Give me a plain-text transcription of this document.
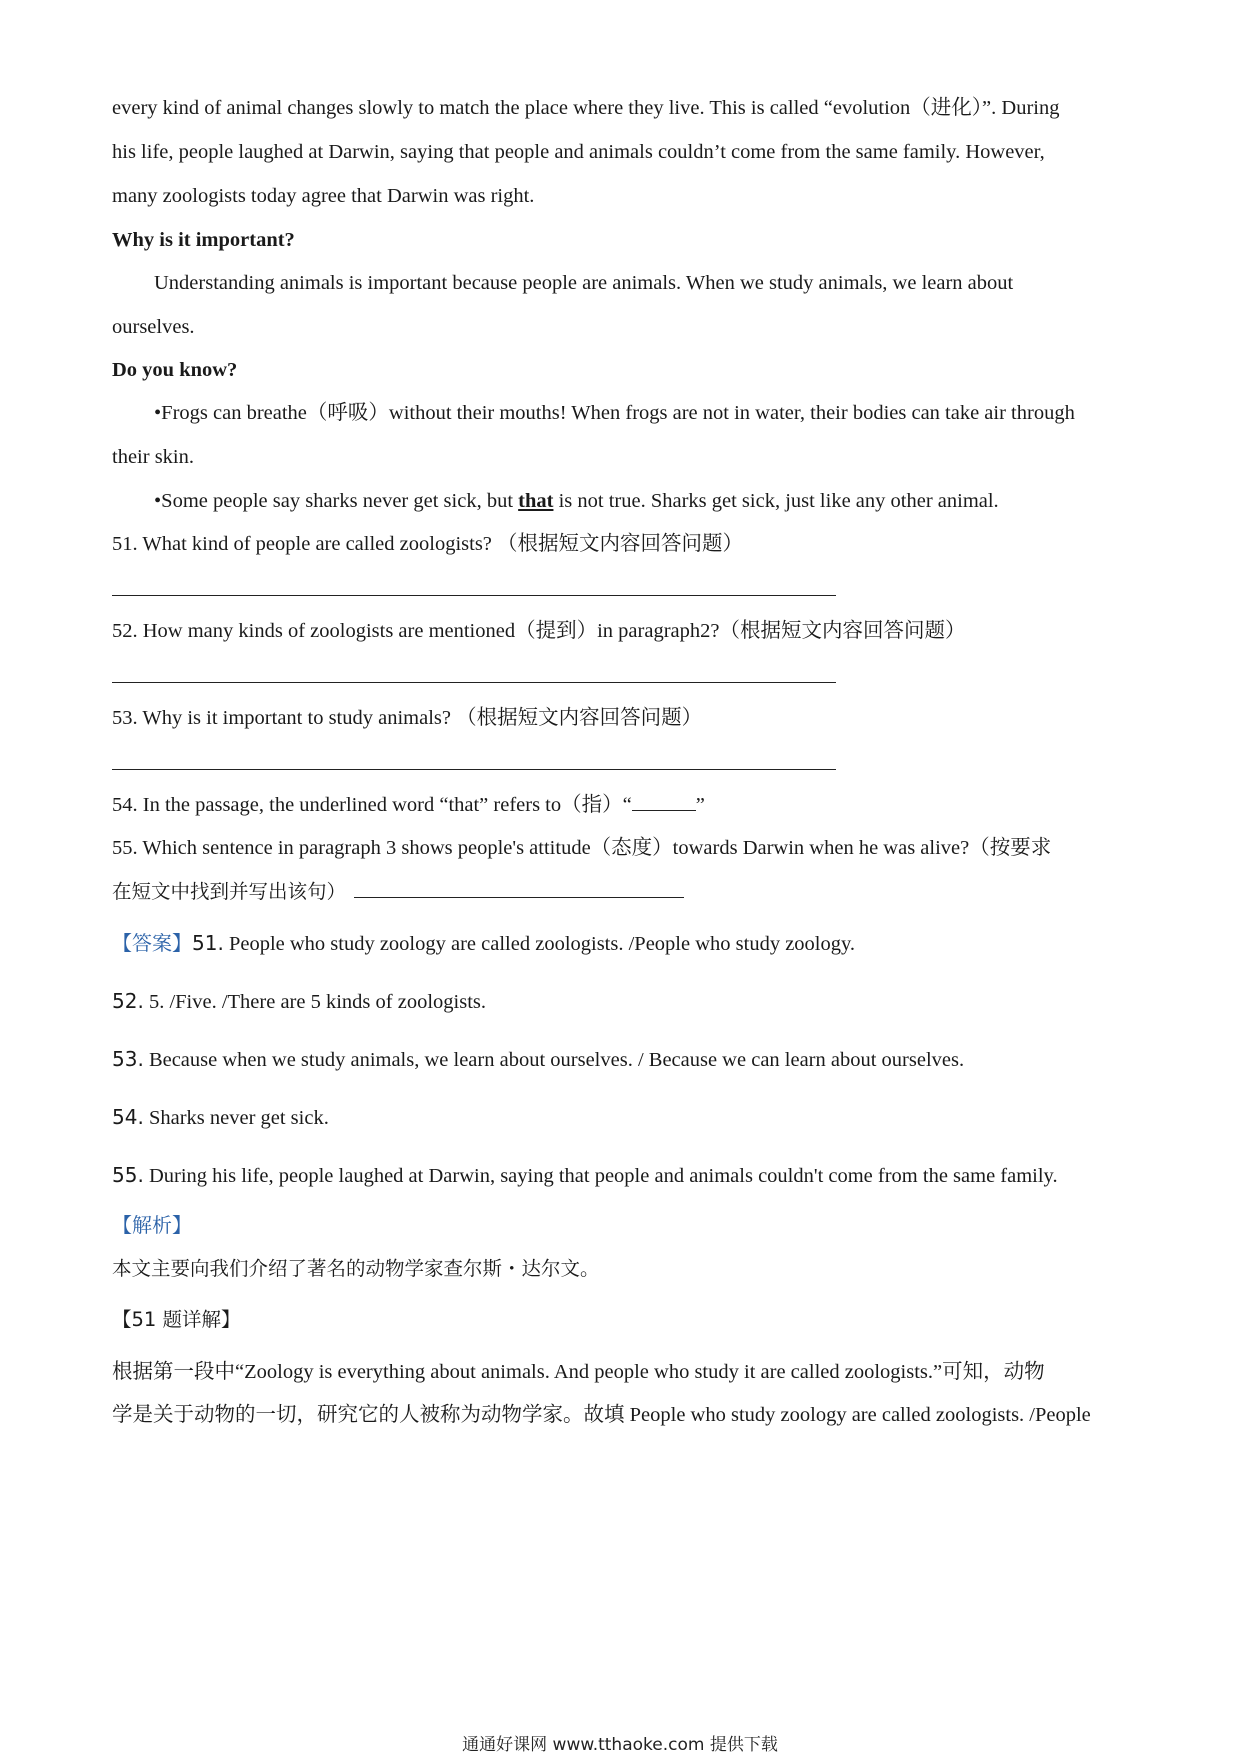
every kind of animal changes slowly to match the place where they live. This is called “evolution（进化）”. During
his life, people laughed at Darwin, saying that people and animals couldn’t come from the same family. However,
many zoologists today agree that Darwin was right.
Why is it important?
Understanding animals is important because people are animals. When we study animals, we learn about
ourselves.
Do you know?
•Frogs can breathe（呼吸）without their mouths! When frogs are not in water, their bodies can take air through
their skin.
•Some people say sharks never get sick, but that is not true. Sharks get sick, just like any other animal.
51. What kind of people are called zoologists? （根据短文内容回答问题）
52. How many kinds of zoologists are mentioned（提到）in paragraph2?（根据短文内容回答问题）
53. Why is it important to study animals? （根据短文内容回答问题）
54. In the passage, the underlined word “that” refers to（指）“	”
55. Which sentence in paragraph 3 shows people's attitude（态度）towards Darwin when he was alive?（按要求
在短文中找到并写出该句）
【答案】51. People who study zoology are called zoologists. /People who study zoology.
52. 5. /Five. /There are 5 kinds of zoologists.
53. Because when we study animals, we learn about ourselves. / Because we can learn about ourselves.
54. Sharks never get sick.
55. During his life, people laughed at Darwin, saying that people and animals couldn't come from the same family.
【解析】
本文主要向我们介绍了著名的动物学家查尔斯・达尔文。
【51 题详解】
根据第一段中“Zoology is everything about animals. And people who study it are called zoologists.”可知，动物
学是关于动物的一切，研究它的人被称为动物学家。故填 People who study zoology are called zoologists. /People
通通好课网 www.tthaoke.com 提供下载
